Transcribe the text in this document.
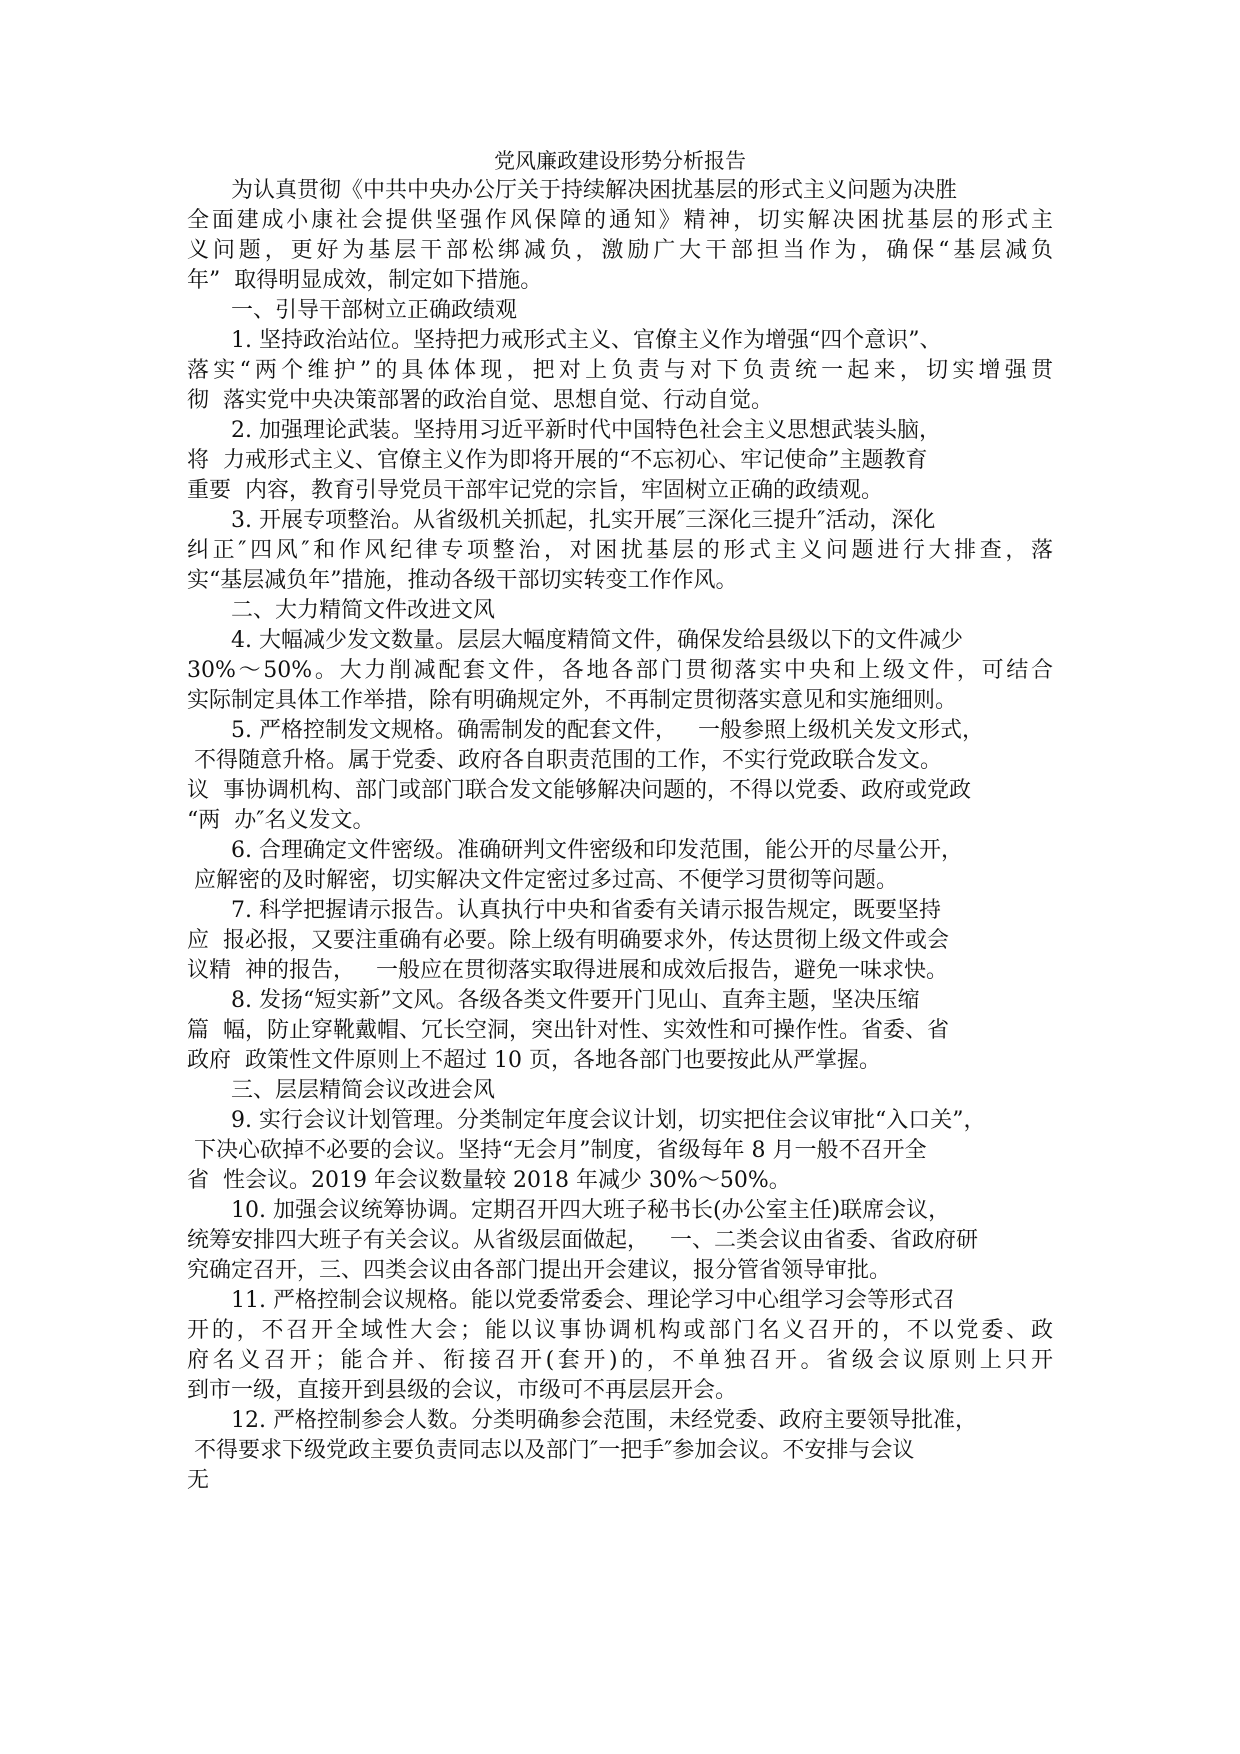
党风廉政建设形势分析报告
为认真贯彻《中共中央办公厅关于持续解决困扰基层的形式主义问题为决胜
全面建成小康社会提供坚强作风保障的通知》精神，切实解决困扰基层的形式主
义问题，更好为基层干部松绑减负，激励广大干部担当作为，确保“基层减负
年”  取得明显成效，制定如下措施。
一、引导干部树立正确政绩观
1. 坚持政治站位。坚持把力戒形式主义、官僚主义作为增强“四个意识”、
落实“两个维护”的具体体现，把对上负责与对下负责统一起来，切实增强贯
彻  落实党中央决策部署的政治自觉、思想自觉、行动自觉。
2. 加强理论武装。坚持用习近平新时代中国特色社会主义思想武装头脑，
将  力戒形式主义、官僚主义作为即将开展的“不忘初心、牢记使命”主题教育
重要  内容，教育引导党员干部牢记党的宗旨，牢固树立正确的政绩观。
3. 开展专项整治。从省级机关抓起，扎实开展″三深化三提升″活动，深化
纠正″四风″和作风纪律专项整治，对困扰基层的形式主义问题进行大排查，落
实“基层减负年”措施，推动各级干部切实转变工作作风。
二、大力精简文件改进文风
4. 大幅减少发文数量。层层大幅度精简文件，确保发给县级以下的文件减少
30%～50%。大力削减配套文件，各地各部门贯彻落实中央和上级文件，可结合
实际制定具体工作举措，除有明确规定外，不再制定贯彻落实意见和实施细则。
5. 严格控制发文规格。确需制发的配套文件，   一般参照上级机关发文形式，
不得随意升格。属于党委、政府各自职责范围的工作，不实行党政联合发文。
议  事协调机构、部门或部门联合发文能够解决问题的，不得以党委、政府或党政
“两  办″名义发文。
6. 合理确定文件密级。准确研判文件密级和印发范围，能公开的尽量公开，
应解密的及时解密，切实解决文件定密过多过高、不便学习贯彻等问题。
7. 科学把握请示报告。认真执行中央和省委有关请示报告规定，既要坚持
应  报必报，又要注重确有必要。除上级有明确要求外，传达贯彻上级文件或会
议精  神的报告，   一般应在贯彻落实取得进展和成效后报告，避免一味求快。
8. 发扬“短实新”文风。各级各类文件要开门见山、直奔主题，坚决压缩
篇  幅，防止穿靴戴帽、冗长空洞，突出针对性、实效性和可操作性。省委、省
政府  政策性文件原则上不超过 10 页，各地各部门也要按此从严掌握。
三、层层精简会议改进会风
9. 实行会议计划管理。分类制定年度会议计划，切实把住会议审批“入口关”，
下决心砍掉不必要的会议。坚持“无会月”制度，省级每年 8 月一般不召开全
省  性会议。2019 年会议数量较 2018 年减少 30%～50%。
10. 加强会议统筹协调。定期召开四大班子秘书长(办公室主任)联席会议，
统筹安排四大班子有关会议。从省级层面做起，   一、二类会议由省委、省政府研
究确定召开，三、四类会议由各部门提出开会建议，报分管省领导审批。
11. 严格控制会议规格。能以党委常委会、理论学习中心组学习会等形式召
开的，不召开全域性大会；能以议事协调机构或部门名义召开的，不以党委、政
府名义召开；能合并、衔接召开(套开)的，不单独召开。省级会议原则上只开
到市一级，直接开到县级的会议，市级可不再层层开会。
12. 严格控制参会人数。分类明确参会范围，未经党委、政府主要领导批准，
不得要求下级党政主要负责同志以及部门″一把手″参加会议。不安排与会议
无
